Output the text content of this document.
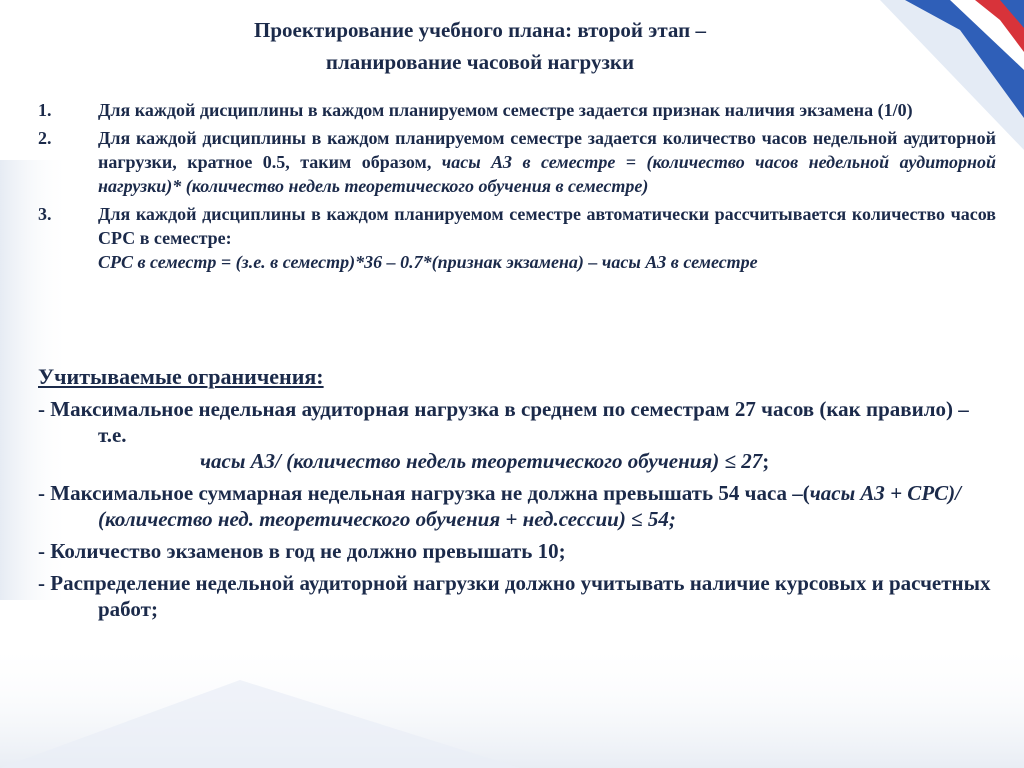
Проектирование учебного плана: второй этап –
планирование часовой нагрузки
1.	Для каждой дисциплины в каждом планируемом семестре задается признак наличия экзамена (1/0)
2.	Для каждой дисциплины в каждом планируемом семестре задается количество часов недельной аудиторной нагрузки, кратное 0.5, таким образом, часы АЗ в семестре = (количество часов недельной аудиторной нагрузки)* (количество недель теоретического обучения в семестре)
3.	Для каждой дисциплины в каждом планируемом семестре автоматически рассчитывается количество часов СРС в семестре:
СРС в семестр = (з.е. в семестр)*36 – 0.7*(признак экзамена) – часы АЗ в семестре
Учитываемые ограничения:
- Максимальное недельная аудиторная нагрузка в среднем по семестрам 27 часов (как правило) – т.е.
часы АЗ/ (количество недель теоретического обучения) ≤ 27;
- Максимальное суммарная недельная нагрузка не должна превышать 54 часа –(часы АЗ + СРС)/ (количество нед. теоретического обучения + нед.сессии) ≤ 54;
- Количество экзаменов в год не должно превышать 10;
- Распределение недельной аудиторной нагрузки должно учитывать наличие курсовых и расчетных работ;
